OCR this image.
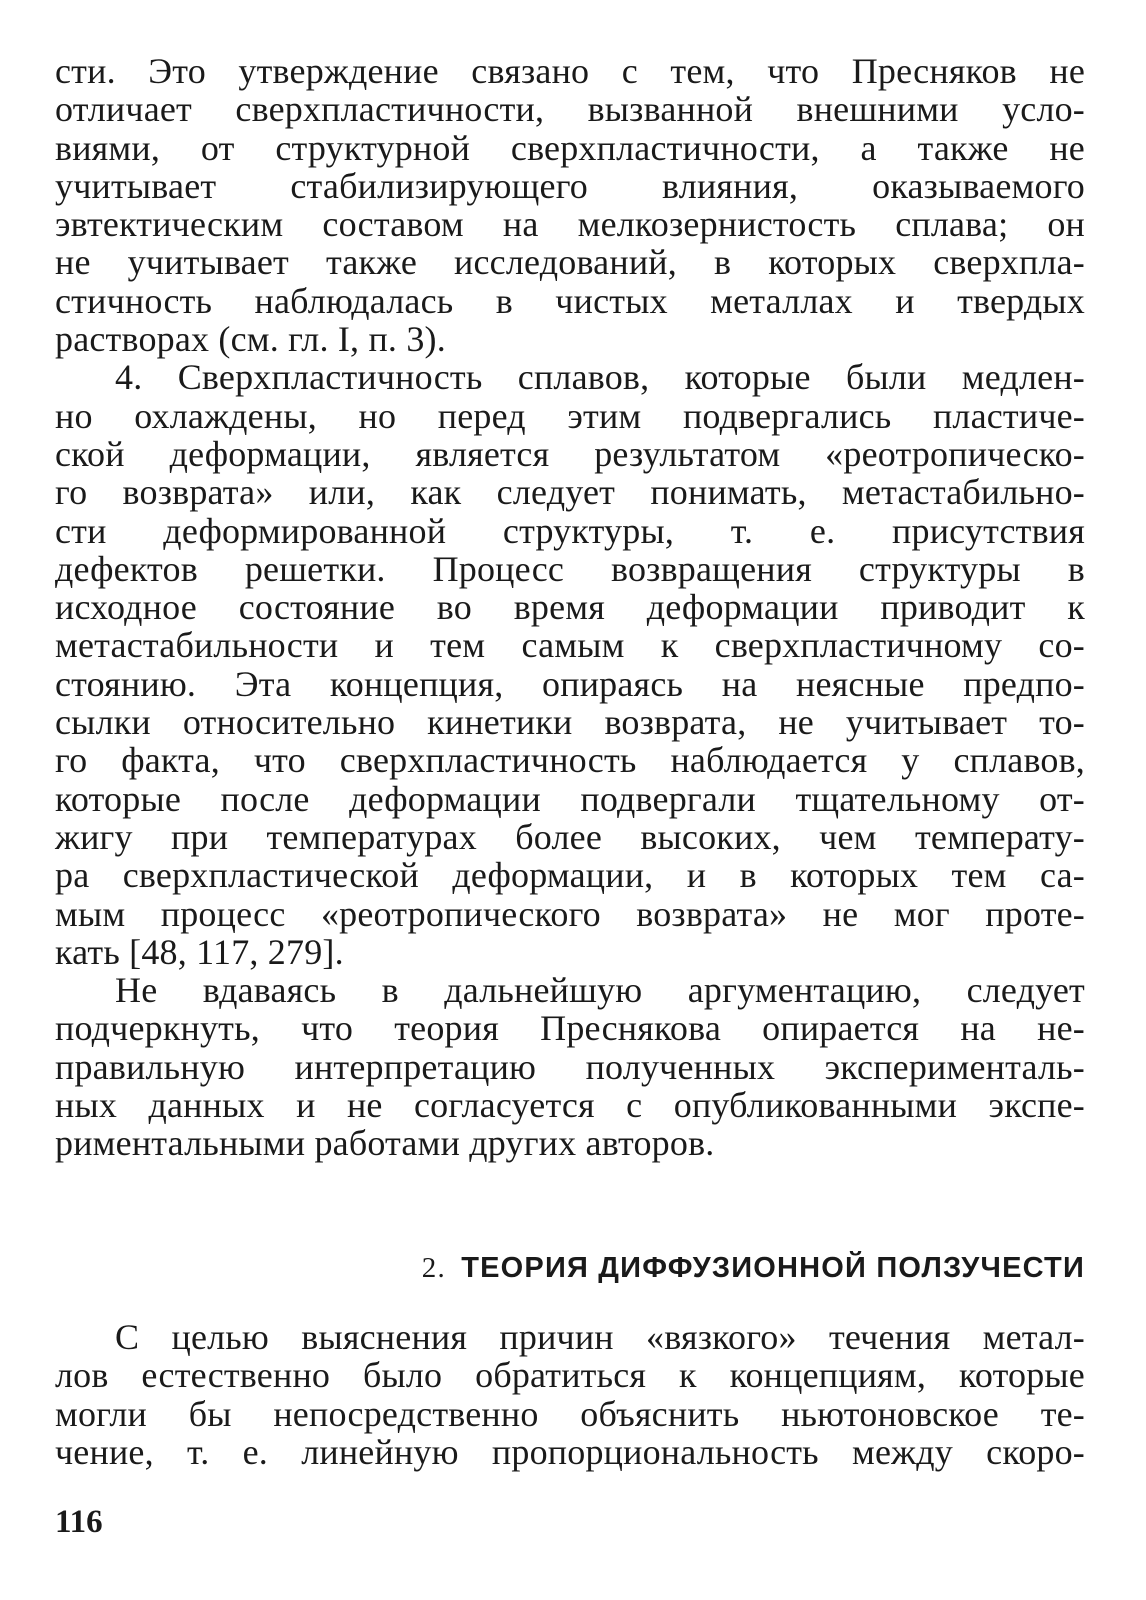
сти. Это утверждение связано с тем, что Пресняков не
отличает сверхпластичности, вызванной внешними усло-
виями, от структурной сверхпластичности, а также не
учитывает стабилизирующего влияния, оказываемого
эвтектическим составом на мелкозернистость сплава; он
не учитывает также исследований, в которых сверхпла-
стичность наблюдалась в чистых металлах и твердых
растворах (см. гл. I, п. 3).
4. Сверхпластичность сплавов, которые были медлен-
но охлаждены, но перед этим подвергались пластиче-
ской деформации, является результатом «реотропическо-
го возврата» или, как следует понимать, метастабильно-
сти деформированной структуры, т. е. присутствия
дефектов решетки. Процесс возвращения структуры в
исходное состояние во время деформации приводит к
метастабильности и тем самым к сверхпластичному со-
стоянию. Эта концепция, опираясь на неясные предпо-
сылки относительно кинетики возврата, не учитывает то-
го факта, что сверхпластичность наблюдается у сплавов,
которые после деформации подвергали тщательному от-
жигу при температурах более высоких, чем температу-
ра сверхпластической деформации, и в которых тем са-
мым процесс «реотропического возврата» не мог проте-
кать [48, 117, 279].
Не вдаваясь в дальнейшую аргументацию, следует
подчеркнуть, что теория Преснякова опирается на не-
правильную интерпретацию полученных эксперименталь-
ных данных и не согласуется с опубликованными экспе-
риментальными работами других авторов.
2. ТЕОРИЯ ДИФФУЗИОННОЙ ПОЛЗУЧЕСТИ
С целью выяснения причин «вязкого» течения метал-
лов естественно было обратиться к концепциям, которые
могли бы непосредственно объяснить ньютоновское те-
чение, т. е. линейную пропорциональность между скоро-
116
